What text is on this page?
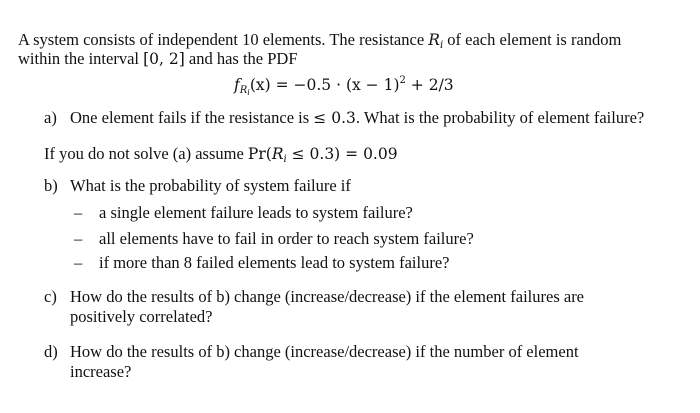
A system consists of independent 10 elements. The resistance $R_i$ of each element is random
within the interval [0, 2] and has the PDF
$f_{R_i}(x) = -0.5 \cdot (x - 1)^2 + 2/3$
a) One element fails if the resistance is ≤ 0.3. What is the probability of element failure?
If you do not solve (a) assume $Pr(R_i \le 0.3) = 0.09$
b) What is the probability of system failure if
– a single element failure leads to system failure?
– all elements have to fail in order to reach system failure?
– if more than 8 failed elements lead to system failure?
c) How do the results of b) change (increase/decrease) if the element failures are
positively correlated?
d) How do the results of b) change (increase/decrease) if the number of element
increase?
